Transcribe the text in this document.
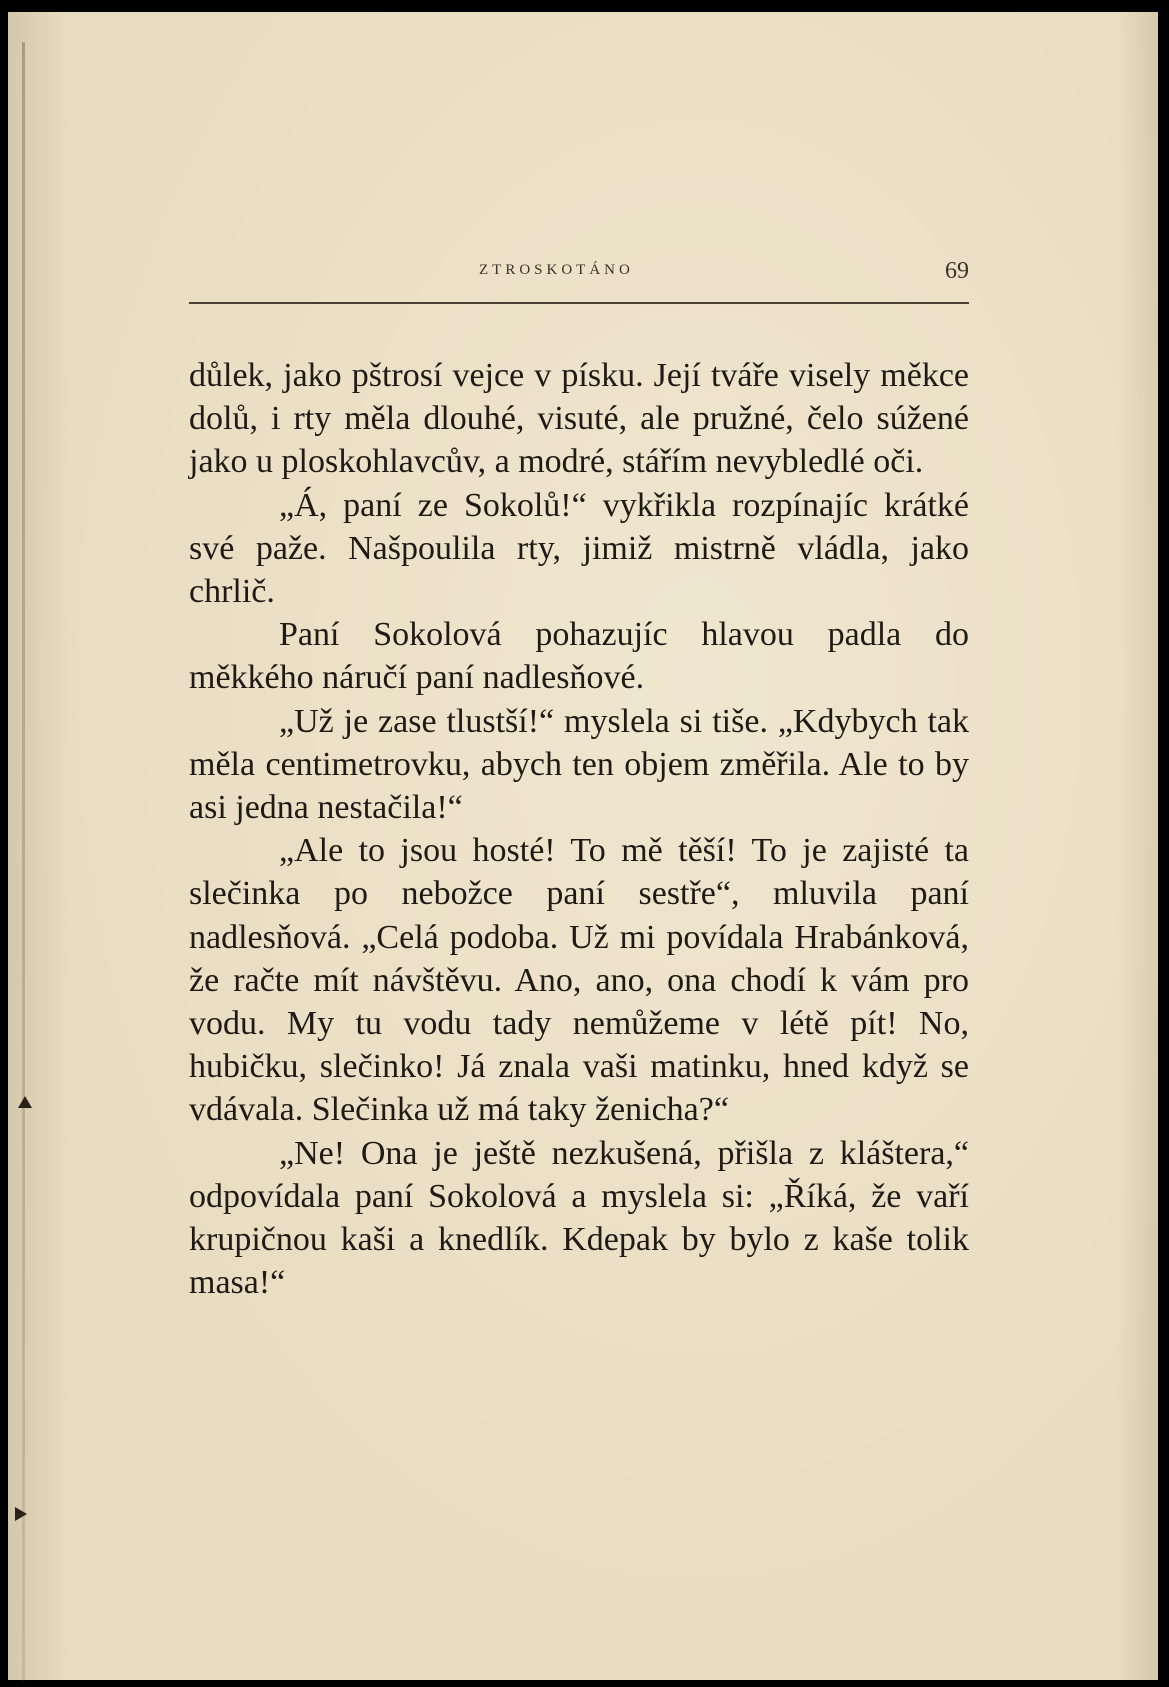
ZTROSKOTÁNO	69

důlek, jako pštrosí vejce v písku. Její tváře visely měkce dolů, i rty měla dlouhé, visuté, ale pružné, čelo súžené jako u ploskohlavcův, a modré, stářím nevybledlé oči.

„Á, paní ze Sokolů!“ vykřikla rozpínajíc krátké své paže. Našpoulila rty, jimiž mistrně vládla, jako chrlič.

Paní Sokolová pohazujíc hlavou padla do měkkého náručí paní nadlesňové.

„Už je zase tlustší!“ myslela si tiše. „Kdybych tak měla centimetrovku, abych ten objem změřila. Ale to by asi jedna nestačila!“

„Ale to jsou hosté! To mě těší! To je zajisté ta slečinka po nebožce paní sestře“, mluvila paní nadlesňová. „Celá podoba. Už mi povídala Hrabánková, že račte mít návštěvu. Ano, ano, ona chodí k vám pro vodu. My tu vodu tady nemůžeme v létě pít! No, hubičku, slečinko! Já znala vaši matinku, hned když se vdávala. Slečinka už má taky ženicha?“

„Ne! Ona je ještě nezkušená, přišla z kláštera,“ odpovídala paní Sokolová a myslela si: „Říká, že vaří krupičnou kaši a knedlík. Kdepak by bylo z kaše tolik masa!“
